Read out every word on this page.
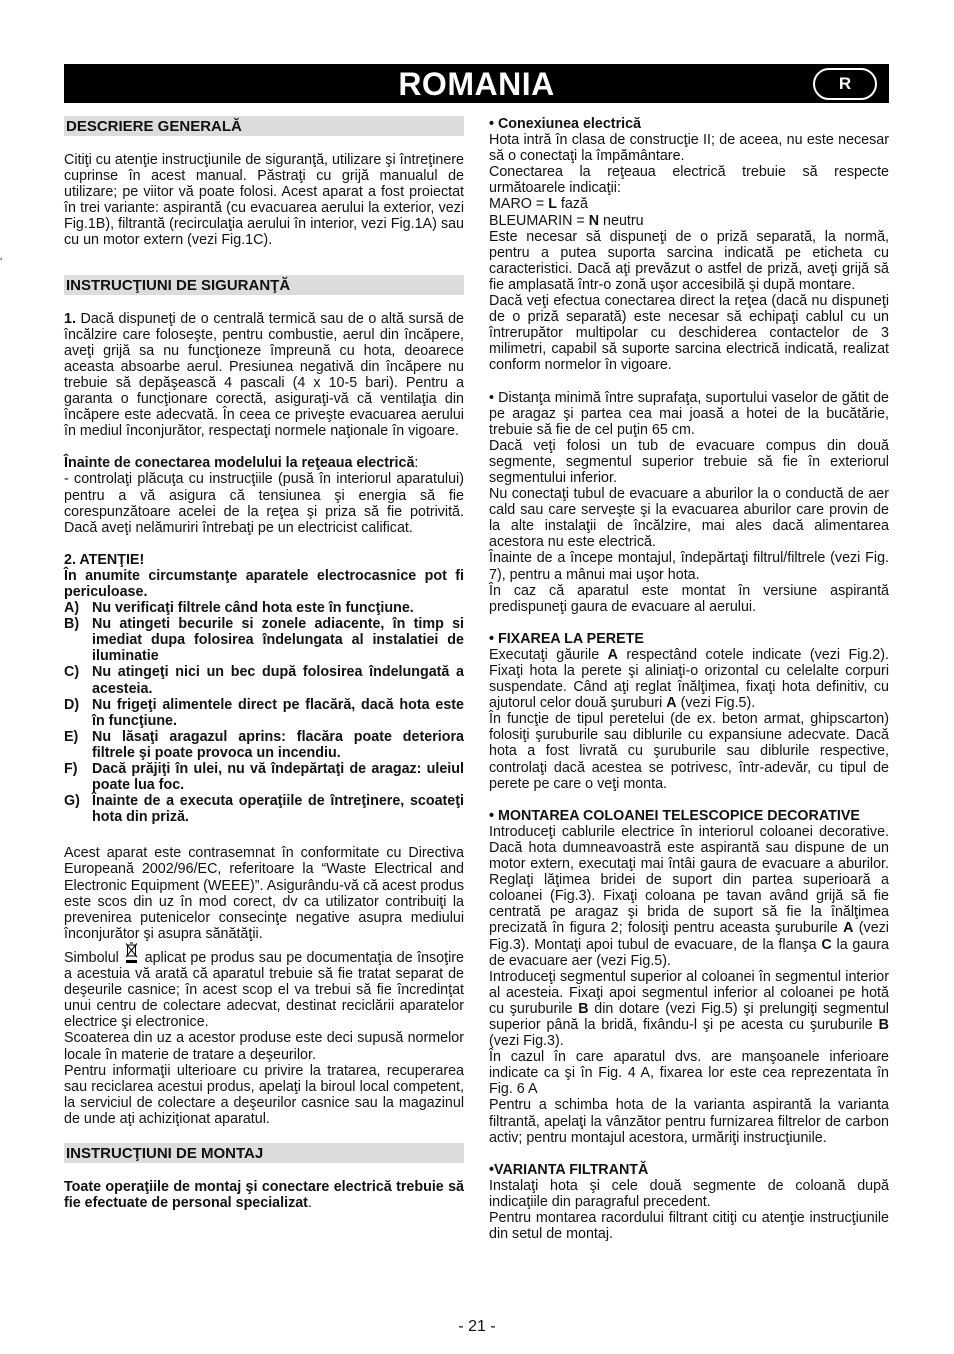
‘
ROMANIA	R
DESCRIERE GENERALĂ

Citiţi cu atenţie instrucţiunile de siguranţă, utilizare şi întreţinere cuprinse în acest manual. Păstraţi cu grijă manualul de utilizare; pe viitor vă poate folosi. Acest aparat a fost proiectat în trei variante: aspirantă (cu evacuarea aerului la exterior, vezi Fig.1B), filtrantă (recirculaţia aerului în interior, vezi Fig.1A) sau cu un motor extern (vezi Fig.1C).

INSTRUCŢIUNI DE SIGURANŢĂ

1. Dacă dispuneţi de o centrală termică sau de o altă sursă de încălzire care foloseşte, pentru combustie, aerul din încăpere, aveţi grijă sa nu funcţioneze împreună cu hota, deoarece aceasta absoarbe aerul. Presiunea negativă din încăpere nu trebuie să depăşească 4 pascali (4 x 10-5 bari). Pentru a garanta o funcţionare corectă, asiguraţi-vă că ventilaţia din încăpere este adecvată. În ceea ce priveşte evacuarea aerului în mediul înconjurător, respectaţi normele naţionale în vigoare.

Înainte de conectarea modelului la reţeaua electrică:

- controlaţi plăcuţa cu instrucţiile (pusă în interiorul aparatului) pentru a vă asigura că tensiunea şi energia să fie corespunzătoare acelei de la reţea şi priza să fie potrivită. Dacă aveţi nelămuriri întrebaţi pe un electricist calificat.

2. ATENŢIE!

În anumite circumstanţe aparatele electrocasnice pot fi periculoase.

A) Nu verificaţi filtrele când hota este în funcţiune.
B) Nu atingeti becurile si zonele adiacente, în timp si imediat dupa folosirea îndelungata al instalatiei de iluminatie
C) Nu atingeţi nici un bec după folosirea îndelungată a acesteia.
D) Nu frigeţi alimentele direct pe flacără, dacă hota este în funcţiune.
E) Nu lăsaţi aragazul aprins: flacăra poate deteriora filtrele şi poate provoca un incendiu.
F)	Dacă prăjiţi în ulei, nu vă îndepărtaţi de aragaz: uleiul poate lua foc.
G) Înainte de a executa operaţiile de întreţinere, scoateţi hota din priză.

Acest aparat este contrasemnat în conformitate cu Directiva Europeană 2002/96/EC, referitoare la “Waste Electrical and Electronic Equipment (WEEE)”. Asigurându-vă că acest produs este scos din uz în mod corect, dv ca utilizator contribuiţi la prevenirea putenicelor consecinţe negative asupra mediului înconjurător şi asupra sănătăţii.

Simbolul aplicat pe produs sau pe documentaţia de însoţire a acestuia vă arată că aparatul trebuie să fie tratat separat de deşeurile casnice; în acest scop el va trebui să fie încredinţat unui centru de colectare adecvat, destinat reciclării aparatelor electrice şi electronice.

Scoaterea din uz a acestor produse este deci supusă normelor locale în materie de tratare a deşeurilor.

Pentru informaţii ulterioare cu privire la tratarea, recuperarea sau reciclarea acestui produs, apelaţi la biroul local competent, la serviciul de colectare a deşeurilor casnice sau la magazinul de unde aţi achiziţionat aparatul.

INSTRUCŢIUNI DE MONTAJ

Toate operaţiile de montaj şi conectare electrică trebuie să fie efectuate de personal specializat.

• Conexiunea electrică

Hota intră în clasa de construcţie II; de aceea, nu este necesar să o conectaţi la împământare.

Conectarea la reţeaua electrică trebuie să respecte următoarele indicaţii:

MARO = L fază

BLEUMARIN = N neutru

Este necesar să dispuneţi de o priză separată, la normă, pentru a putea suporta sarcina indicată pe eticheta cu caracteristici. Dacă aţi prevăzut o astfel de priză, aveţi grijă să fie amplasată într-o zonă uşor accesibilă şi după montare.

Dacă veţi efectua conectarea direct la reţea (dacă nu dispuneţi de o priză separată) este necesar să echipaţi cablul cu un întrerupător multipolar cu deschiderea contactelor de 3 milimetri, capabil să suporte sarcina electrică indicată, realizat conform normelor în vigoare.

• Distanţa minimă între suprafaţa, suportului vaselor de gătit de pe aragaz şi partea cea mai joasă a hotei de la bucătărie, trebuie să fie de cel puţin 65 cm.

Dacă veţi folosi un tub de evacuare compus din două segmente, segmentul superior trebuie să fie în exteriorul segmentului inferior.

Nu conectaţi tubul de evacuare a aburilor la o conductă de aer cald sau care serveşte şi la evacuarea aburilor care provin de la alte instalaţii de încălzire, mai ales dacă alimentarea acestora nu este electrică.

Înainte de a începe montajul, îndepărtaţi filtrul/filtrele (vezi Fig. 7), pentru a mânui mai uşor hota.

În caz că aparatul este montat în versiune aspirantă predispuneţi gaura de evacuare al aerului.

• FIXAREA LA PERETE

Executaţi găurile A respectând cotele indicate (vezi Fig.2). Fixaţi hota la perete şi aliniaţi-o orizontal cu celelalte corpuri suspendate. Când aţi reglat înălţimea, fixaţi hota definitiv, cu ajutorul celor două şuruburi A (vezi Fig.5).

În funcţie de tipul peretelui (de ex. beton armat, ghipscarton) folosiţi şuruburile sau diblurile cu expansiune adecvate. Dacă hota a fost livrată cu şuruburile sau diblurile respective, controlaţi dacă acestea se potrivesc, într-adevăr, cu tipul de perete pe care o veţi monta.

• MONTAREA COLOANEI TELESCOPICE DECORATIVE

Introduceţi cablurile electrice în interiorul coloanei decorative. Dacă hota dumneavoastră este aspirantă sau dispune de un motor extern, executaţi mai întâi gaura de evacuare a aburilor. Reglaţi lăţimea bridei de suport din partea superioară a coloanei (Fig.3). Fixaţi coloana pe tavan având grijă să fie centrată pe aragaz şi brida de suport să fie la înălţimea precizată în figura 2; folosiţi pentru aceasta şuruburile A (vezi Fig.3). Montaţi apoi tubul de evacuare, de la flanşa C la gaura de evacuare aer (vezi Fig.5).

Introduceţi segmentul superior al coloanei în segmentul interior al acesteia. Fixaţi apoi segmentul inferior al coloanei pe hotă cu şuruburile B din dotare (vezi Fig.5) şi prelungiţi segmentul superior până la bridă, fixându-l şi pe acesta cu şuruburile B (vezi Fig.3).

În cazul în care aparatul dvs. are manşoanele inferioare indicate ca şi în Fig. 4 A, fixarea lor este cea reprezentata în Fig. 6 A

Pentru a schimba hota de la varianta aspirantă la varianta filtrantă, apelaţi la vânzător pentru furnizarea filtrelor de carbon activ; pentru montajul acestora, urmăriţi instrucţiunile.

•VARIANTA FILTRANTĂ

Instalaţi hota şi cele două segmente de coloană după indicaţiile din paragraful precedent.

Pentru montarea racordului filtrant citiţi cu atenţie instrucţiunile din setul de montaj.

- 21 -
